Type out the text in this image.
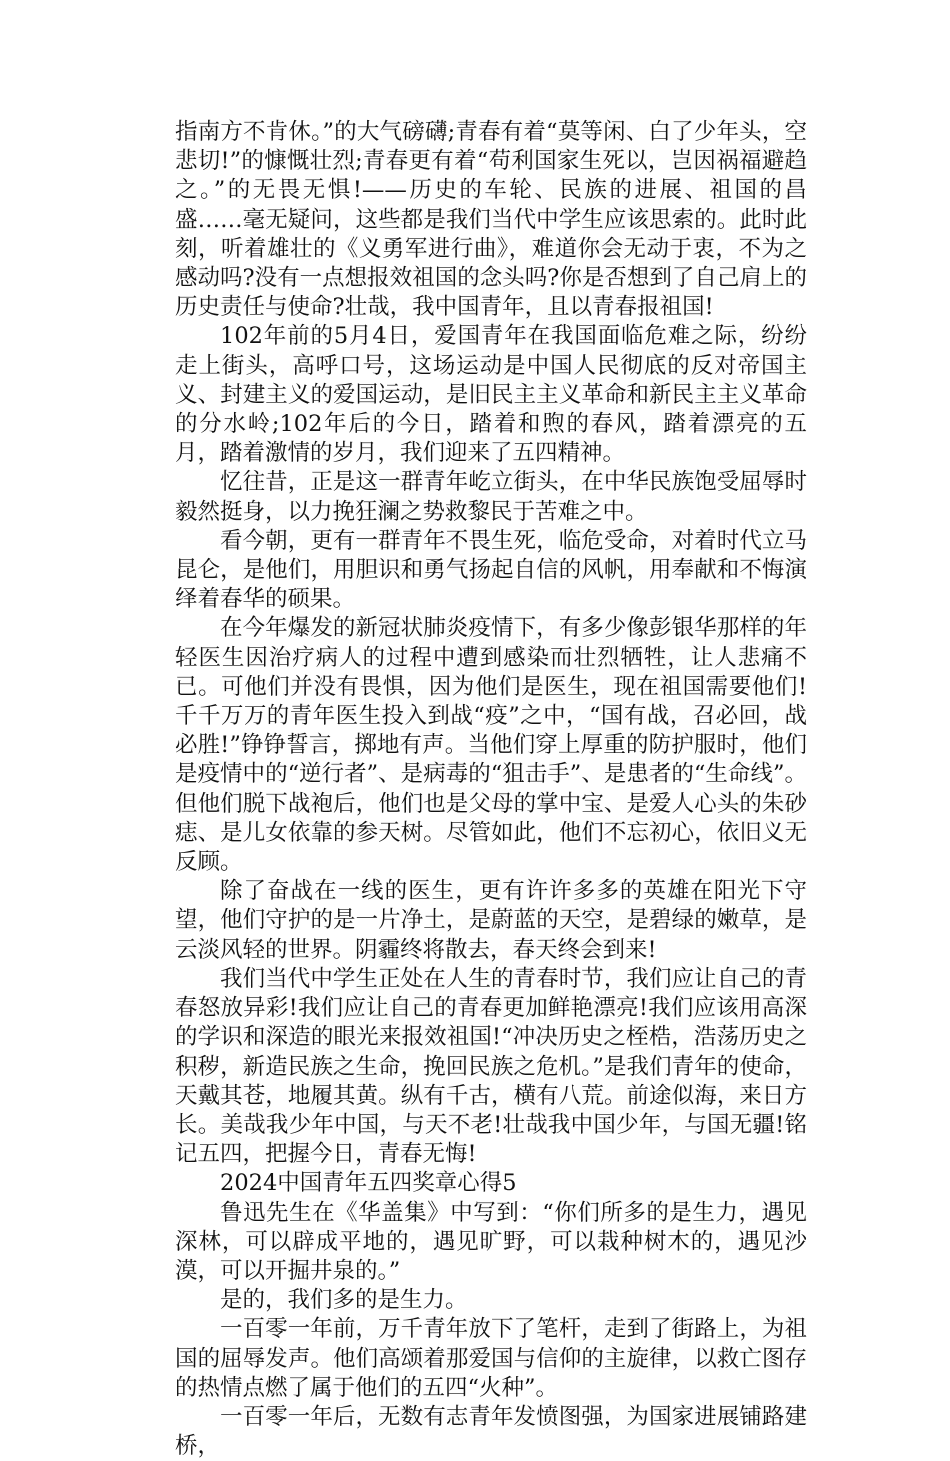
指南方不肯休。”的大气磅礴;青春有着“莫等闲、白了少年头，空悲切!”的慷慨壮烈;青春更有着“苟利国家生死以，岂因祸福避趋之。”的无畏无惧!——历史的车轮、民族的进展、祖国的昌盛……毫无疑问，这些都是我们当代中学生应该思索的。此时此刻，听着雄壮的《义勇军进行曲》，难道你会无动于衷，不为之感动吗?没有一点想报效祖国的念头吗?你是否想到了自己肩上的历史责任与使命?壮哉，我中国青年，且以青春报祖国!

102年前的5月4日，爱国青年在我国面临危难之际，纷纷走上街头，高呼口号，这场运动是中国人民彻底的反对帝国主义、封建主义的爱国运动，是旧民主主义革命和新民主主义革命的分水岭;102年后的今日，踏着和煦的春风，踏着漂亮的五月，踏着激情的岁月，我们迎来了五四精神。

忆往昔，正是这一群青年屹立街头，在中华民族饱受屈辱时毅然挺身，以力挽狂澜之势救黎民于苦难之中。

看今朝，更有一群青年不畏生死，临危受命，对着时代立马昆仑，是他们，用胆识和勇气扬起自信的风帆，用奉献和不悔演绎着春华的硕果。

在今年爆发的新冠状肺炎疫情下，有多少像彭银华那样的年轻医生因治疗病人的过程中遭到感染而壮烈牺牲，让人悲痛不已。可他们并没有畏惧，因为他们是医生，现在祖国需要他们!千千万万的青年医生投入到战“疫”之中，“国有战，召必回，战必胜!”铮铮誓言，掷地有声。当他们穿上厚重的防护服时，他们是疫情中的“逆行者”、是病毒的“狙击手”、是患者的“生命线”。但他们脱下战袍后，他们也是父母的掌中宝、是爱人心头的朱砂痣、是儿女依靠的参天树。尽管如此，他们不忘初心，依旧义无反顾。

除了奋战在一线的医生，更有许许多多的英雄在阳光下守望，他们守护的是一片净土，是蔚蓝的天空，是碧绿的嫩草，是云淡风轻的世界。阴霾终将散去，春天终会到来!

我们当代中学生正处在人生的青春时节，我们应让自己的青春怒放异彩!我们应让自己的青春更加鲜艳漂亮!我们应该用高深的学识和深造的眼光来报效祖国!“冲决历史之桎梏，浩荡历史之积秽，新造民族之生命，挽回民族之危机。”是我们青年的使命，天戴其苍，地履其黄。纵有千古，横有八荒。前途似海，来日方长。美哉我少年中国，与天不老!壮哉我中国少年，与国无疆!铭记五四，把握今日，青春无悔!

2024中国青年五四奖章心得5

鲁迅先生在《华盖集》中写到：“你们所多的是生力，遇见深林，可以辟成平地的，遇见旷野，可以栽种树木的，遇见沙漠，可以开掘井泉的。”

是的，我们多的是生力。

一百零一年前，万千青年放下了笔杆，走到了街路上，为祖国的屈辱发声。他们高颂着那爱国与信仰的主旋律，以救亡图存的热情点燃了属于他们的五四“火种”。

一百零一年后，无数有志青年发愤图强，为国家进展铺路建桥，
